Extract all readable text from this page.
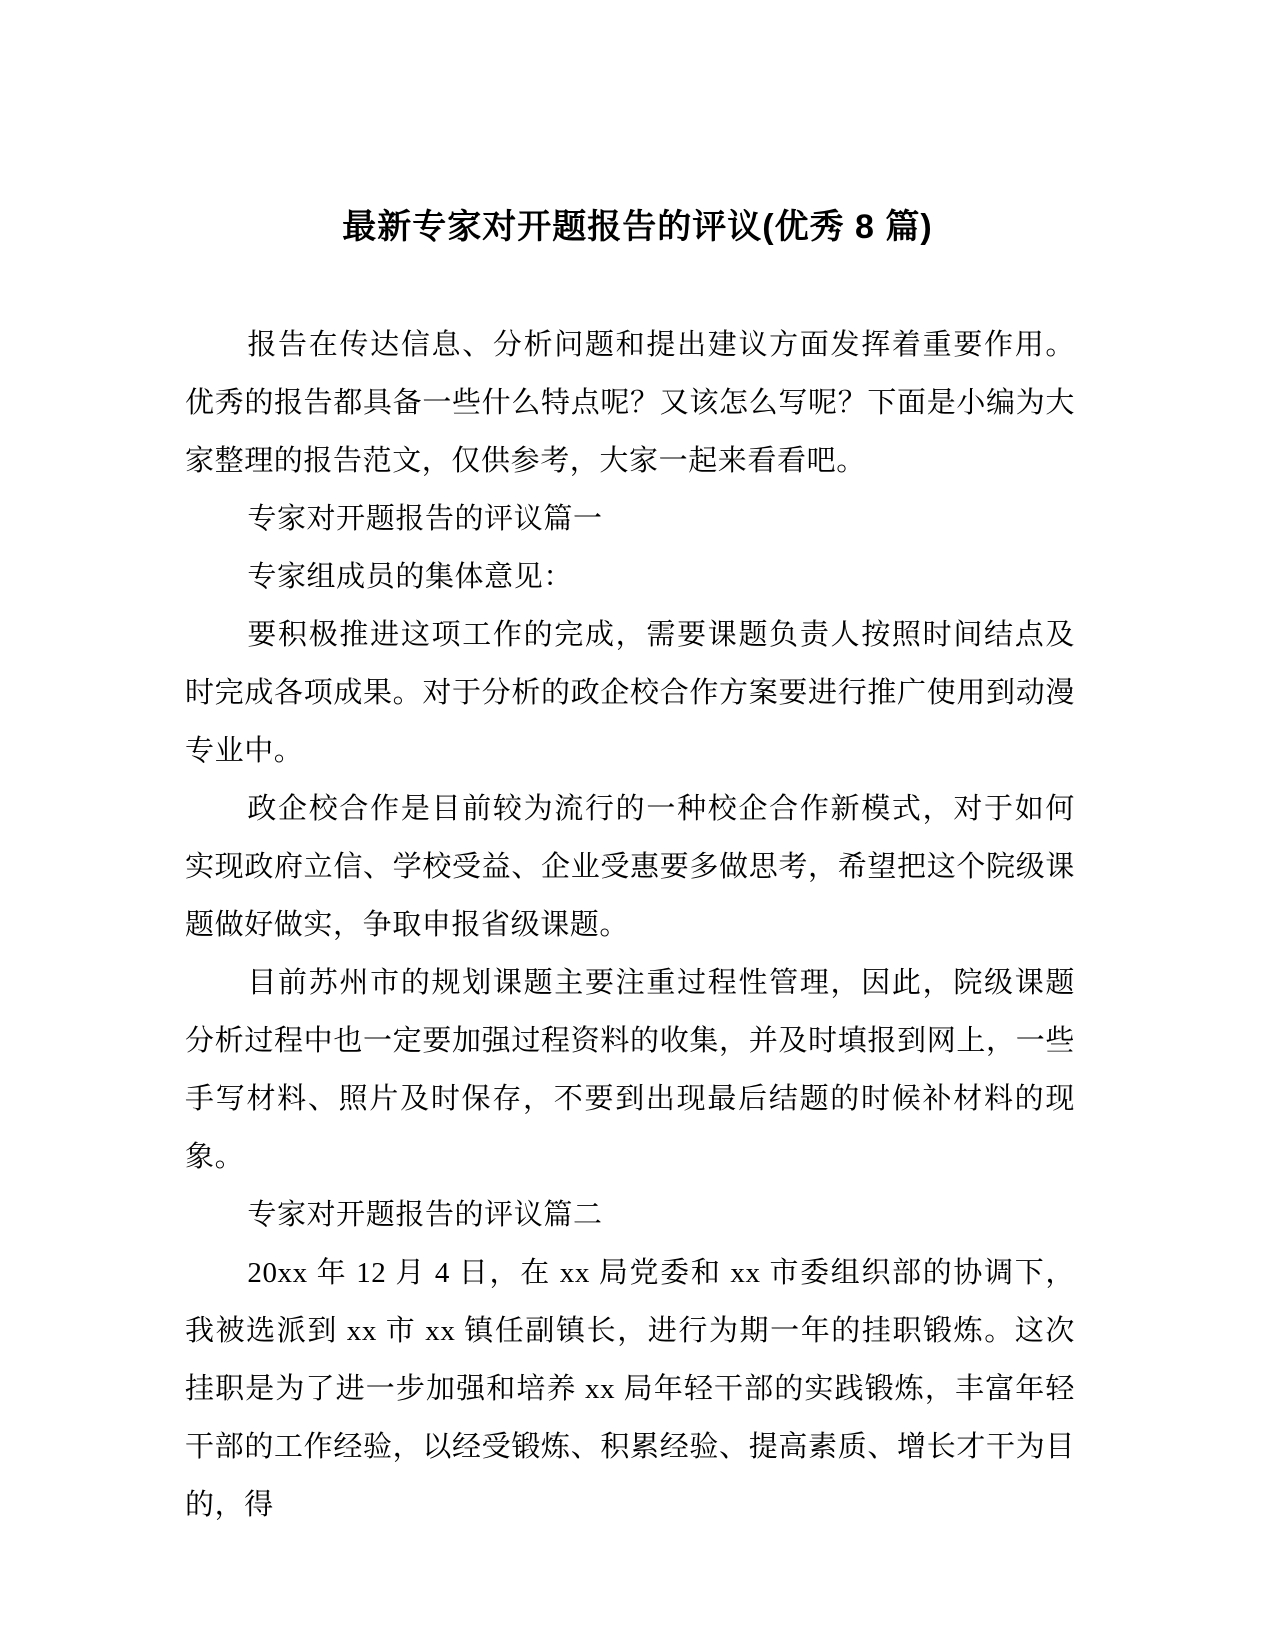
最新专家对开题报告的评议(优秀 8 篇)

报告在传达信息、分析问题和提出建议方面发挥着重要作用。优秀的报告都具备一些什么特点呢？又该怎么写呢？下面是小编为大家整理的报告范文，仅供参考，大家一起来看看吧。

专家对开题报告的评议篇一

专家组成员的集体意见：

要积极推进这项工作的完成，需要课题负责人按照时间结点及时完成各项成果。对于分析的政企校合作方案要进行推广使用到动漫专业中。

政企校合作是目前较为流行的一种校企合作新模式，对于如何实现政府立信、学校受益、企业受惠要多做思考，希望把这个院级课题做好做实，争取申报省级课题。

目前苏州市的规划课题主要注重过程性管理，因此，院级课题分析过程中也一定要加强过程资料的收集，并及时填报到网上，一些手写材料、照片及时保存，不要到出现最后结题的时候补材料的现象。

专家对开题报告的评议篇二

20xx 年 12 月 4 日，在 xx 局党委和 xx 市委组织部的协调下，我被选派到 xx 市 xx 镇任副镇长，进行为期一年的挂职锻炼。这次挂职是为了进一步加强和培养 xx 局年轻干部的实践锻炼，丰富年轻干部的工作经验，以经受锻炼、积累经验、提高素质、增长才干为目的，得
